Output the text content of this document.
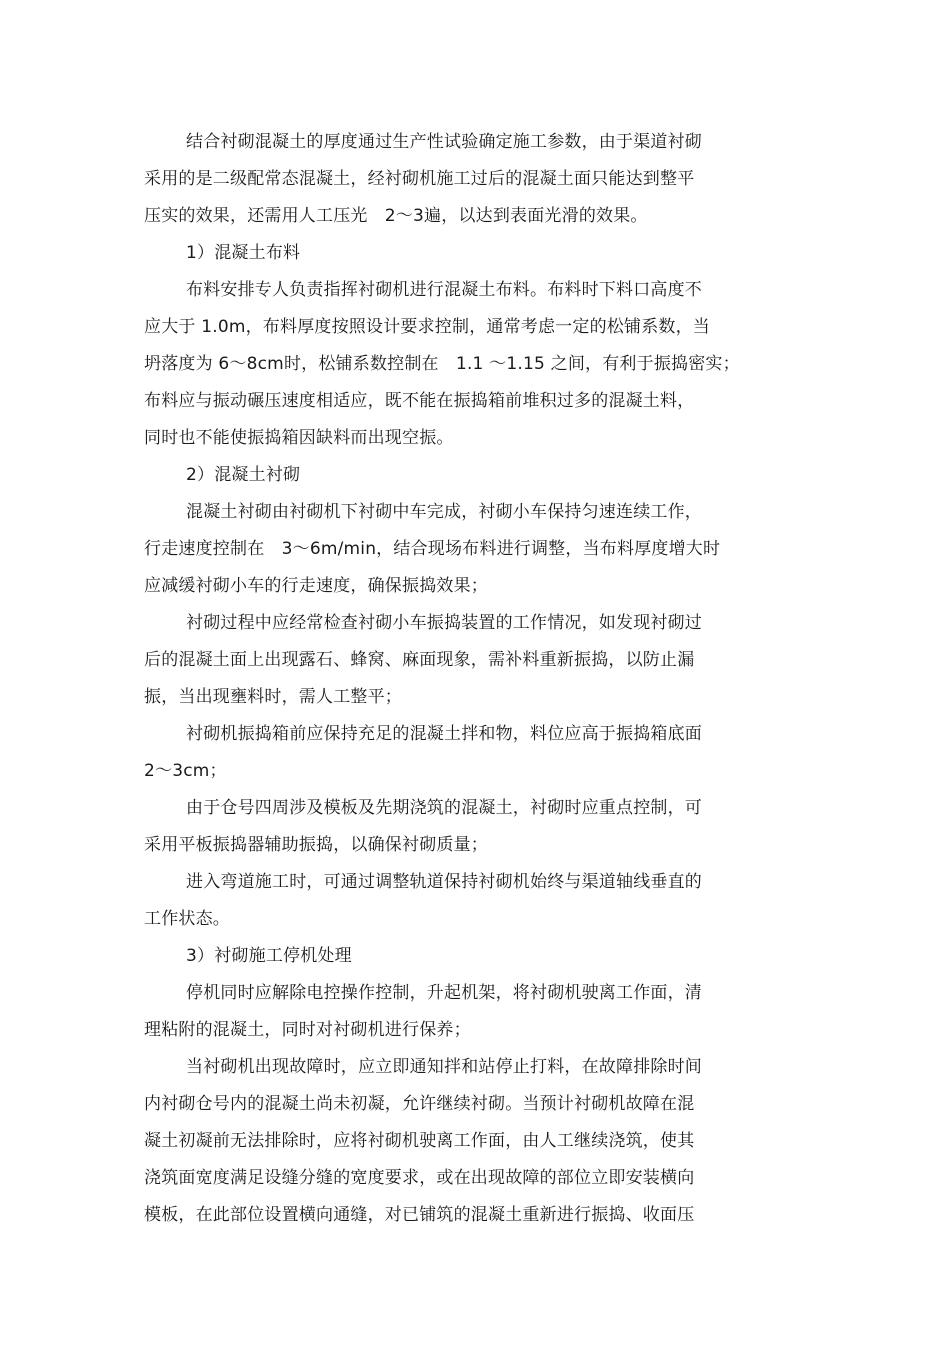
结合衬砌混凝土的厚度通过生产性试验确定施工参数，由于渠道衬砌
采用的是二级配常态混凝土，经衬砌机施工过后的混凝土面只能达到整平
压实的效果，还需用人工压光　2～3遍，以达到表面光滑的效果。
1）混凝土布料
布料安排专人负责指挥衬砌机进行混凝土布料。布料时下料口高度不
应大于 1.0m，布料厚度按照设计要求控制，通常考虑一定的松铺系数，当
坍落度为 6～8cm时，松铺系数控制在　1.1 ～1.15 之间，有利于振捣密实；
布料应与振动碾压速度相适应，既不能在振捣箱前堆积过多的混凝土料，
同时也不能使振捣箱因缺料而出现空振。
2）混凝土衬砌
混凝土衬砌由衬砌机下衬砌中车完成，衬砌小车保持匀速连续工作，
行走速度控制在　3～6m/min，结合现场布料进行调整，当布料厚度增大时
应减缓衬砌小车的行走速度，确保振捣效果；
衬砌过程中应经常检查衬砌小车振捣装置的工作情况，如发现衬砌过
后的混凝土面上出现露石、蜂窝、麻面现象，需补料重新振捣，以防止漏
振，当出现壅料时，需人工整平；
衬砌机振捣箱前应保持充足的混凝土拌和物，料位应高于振捣箱底面
2～3cm；
由于仓号四周涉及模板及先期浇筑的混凝土，衬砌时应重点控制，可
采用平板振捣器辅助振捣，以确保衬砌质量；
进入弯道施工时，可通过调整轨道保持衬砌机始终与渠道轴线垂直的
工作状态。
3）衬砌施工停机处理
停机同时应解除电控操作控制，升起机架，将衬砌机驶离工作面，清
理粘附的混凝土，同时对衬砌机进行保养；
当衬砌机出现故障时，应立即通知拌和站停止打料，在故障排除时间
内衬砌仓号内的混凝土尚未初凝，允许继续衬砌。当预计衬砌机故障在混
凝土初凝前无法排除时，应将衬砌机驶离工作面，由人工继续浇筑，使其
浇筑面宽度满足设缝分缝的宽度要求，或在出现故障的部位立即安装横向
模板，在此部位设置横向通缝，对已铺筑的混凝土重新进行振捣、收面压
